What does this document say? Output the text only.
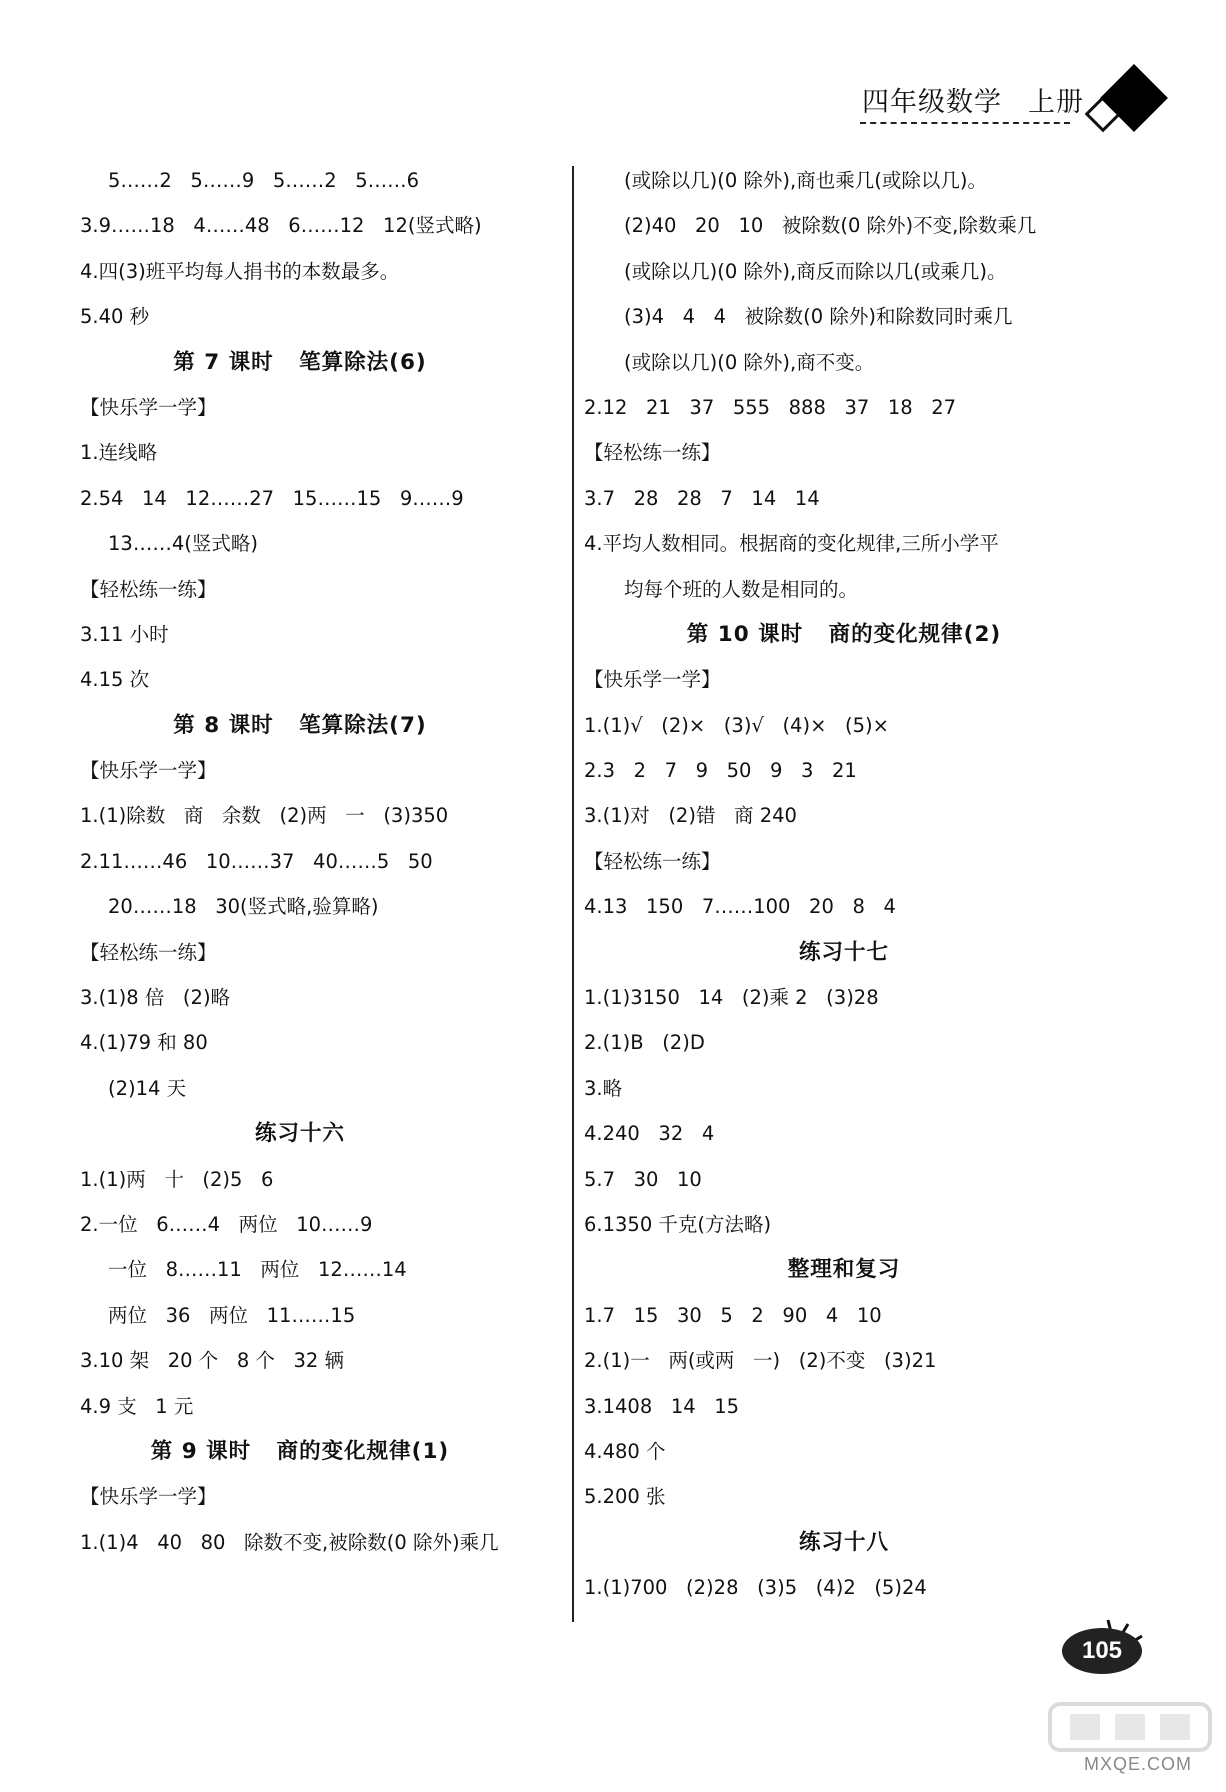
四年级数学 上册
5……2   5……9   5……2   5……6
3.9……18   4……48   6……12   12(竖式略)
4.四(3)班平均每人捐书的本数最多。
5.40 秒
第 7 课时   笔算除法(6)
【快乐学一学】
1.连线略
2.54   14   12……27   15……15   9……9
13……4(竖式略)
【轻松练一练】
3.11 小时
4.15 次
第 8 课时   笔算除法(7)
【快乐学一学】
1.(1)除数   商   余数   (2)两   一   (3)350
2.11……46   10……37   40……5   50
20……18   30(竖式略,验算略)
【轻松练一练】
3.(1)8 倍   (2)略
4.(1)79 和 80
(2)14 天
练习十六
1.(1)两   十   (2)5   6
2.一位   6……4   两位   10……9
一位   8……11   两位   12……14
两位   36   两位   11……15
3.10 架   20 个   8 个   32 辆
4.9 支   1 元
第 9 课时   商的变化规律(1)
【快乐学一学】
1.(1)4   40   80   除数不变,被除数(0 除外)乘几
(或除以几)(0 除外),商也乘几(或除以几)。
(2)40   20   10   被除数(0 除外)不变,除数乘几
(或除以几)(0 除外),商反而除以几(或乘几)。
(3)4   4   4   被除数(0 除外)和除数同时乘几
(或除以几)(0 除外),商不变。
2.12   21   37   555   888   37   18   27
【轻松练一练】
3.7   28   28   7   14   14
4.平均人数相同。根据商的变化规律,三所小学平
均每个班的人数是相同的。
第 10 课时   商的变化规律(2)
【快乐学一学】
1.(1)√   (2)×   (3)√   (4)×   (5)×
2.3   2   7   9   50   9   3   21
3.(1)对   (2)错   商 240
【轻松练一练】
4.13   150   7……100   20   8   4
练习十七
1.(1)3150   14   (2)乘 2   (3)28
2.(1)B   (2)D
3.略
4.240   32   4
5.7   30   10
6.1350 千克(方法略)
整理和复习
1.7   15   30   5   2   90   4   10
2.(1)一   两(或两   一)   (2)不变   (3)21
3.1408   14   15
4.480 个
5.200 张
练习十八
1.(1)700   (2)28   (3)5   (4)2   (5)24
105
MXQE.COM
